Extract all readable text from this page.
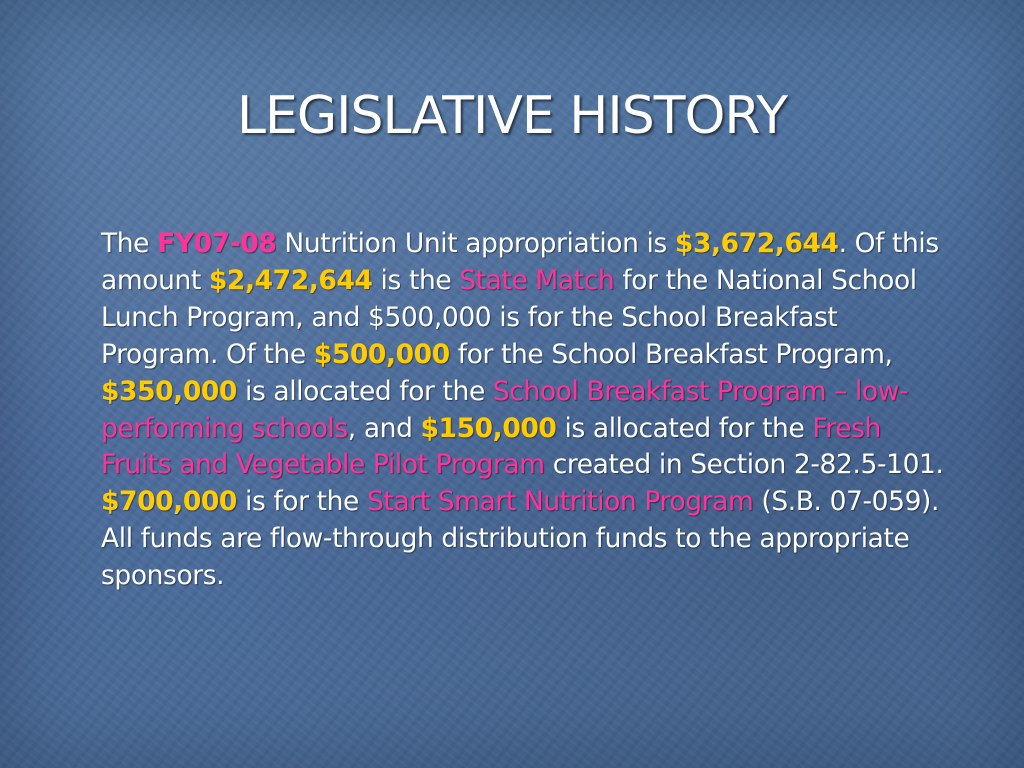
LEGISLATIVE HISTORY

The FY07-08 Nutrition Unit appropriation is $3,672,644. Of this amount $2,472,644 is the State Match for the National School Lunch Program, and $500,000 is for the School Breakfast Program. Of the $500,000 for the School Breakfast Program, $350,000 is allocated for the School Breakfast Program – low-performing schools, and $150,000 is allocated for the Fresh Fruits and Vegetable Pilot Program created in Section 2-82.5-101. $700,000 is for the Start Smart Nutrition Program (S.B. 07-059). All funds are flow-through distribution funds to the appropriate sponsors.
